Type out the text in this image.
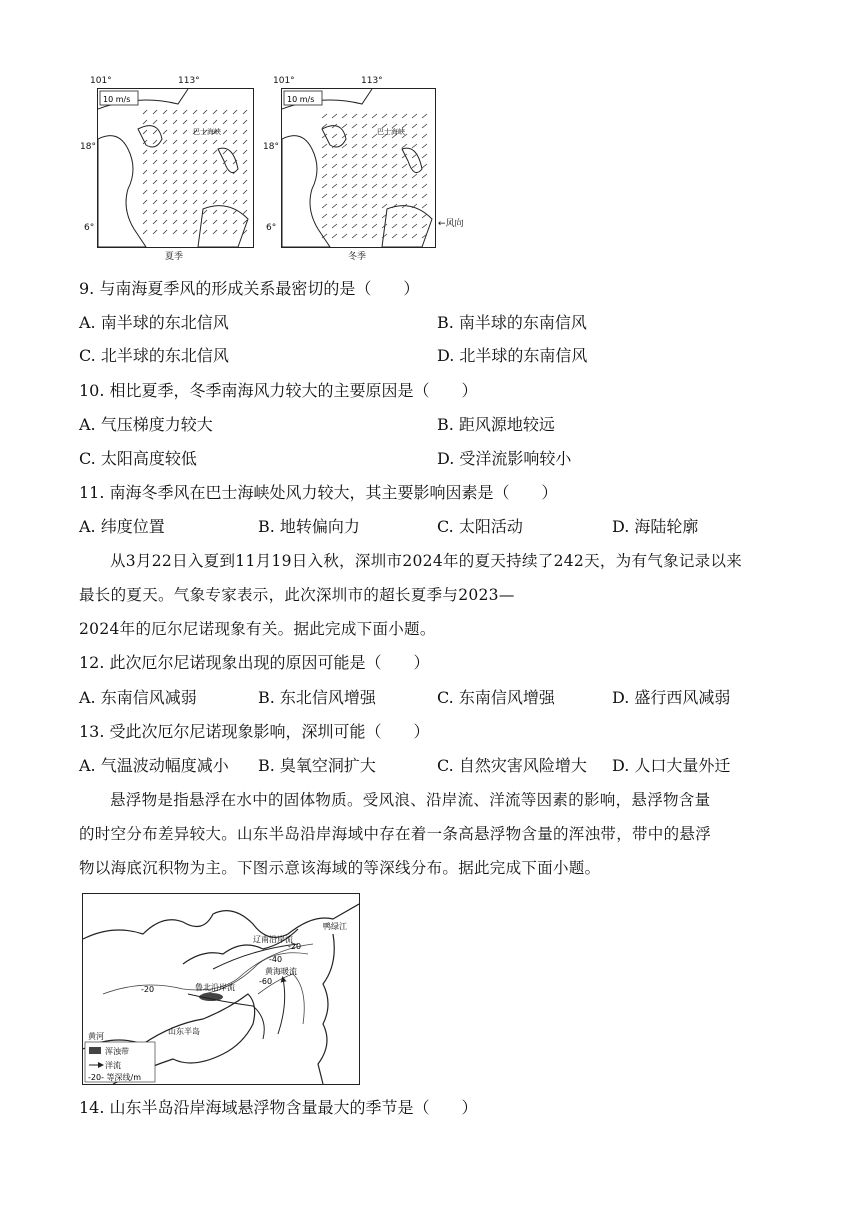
101°	113°
18°
6°
10 m/s
巴士海峡
夏季
101°	113°
18°
6°
10 m/s
巴士海峡
冬季
←风向
9. 与南海夏季风的形成关系最密切的是（　　）
A. 南半球的东北信风	B. 南半球的东南信风
C. 北半球的东北信风	D. 北半球的东南信风
10. 相比夏季，冬季南海风力较大的主要原因是（　　）
A. 气压梯度力较大	B. 距风源地较远
C. 太阳高度较低	D. 受洋流影响较小
11. 南海冬季风在巴士海峡处风力较大，其主要影响因素是（　　）
A. 纬度位置	B. 地转偏向力	C. 太阳活动	D. 海陆轮廓
从3月22日入夏到11月19日入秋，深圳市2024年的夏天持续了242天，为有气象记录以来
最长的夏天。气象专家表示，此次深圳市的超长夏季与2023—
2024年的厄尔尼诺现象有关。据此完成下面小题。
12. 此次厄尔尼诺现象出现的原因可能是（　　）
A. 东南信风减弱	B. 东北信风增强	C. 东南信风增强	D. 盛行西风减弱
13. 受此次厄尔尼诺现象影响，深圳可能（　　）
A. 气温波动幅度减小 B. 臭氧空洞扩大	C. 自然灾害风险增大 D. 人口大量外迁
悬浮物是指悬浮在水中的固体物质。受风浪、沿岸流、洋流等因素的影响，悬浮物含量
的时空分布差异较大。山东半岛沿岸海域中存在着一条高悬浮物含量的浑浊带，带中的悬浮
物以海底沉积物为主。下图示意该海域的等深线分布。据此完成下面小题。
鸭绿江
辽南沿岸流
黄海暖流
鲁北沿岸流
黄河
山东半岛
-20
-20
-40
-60
浑浊带
洋流
-20- 等深线/m
14. 山东半岛沿岸海域悬浮物含量最大的季节是（　　）
